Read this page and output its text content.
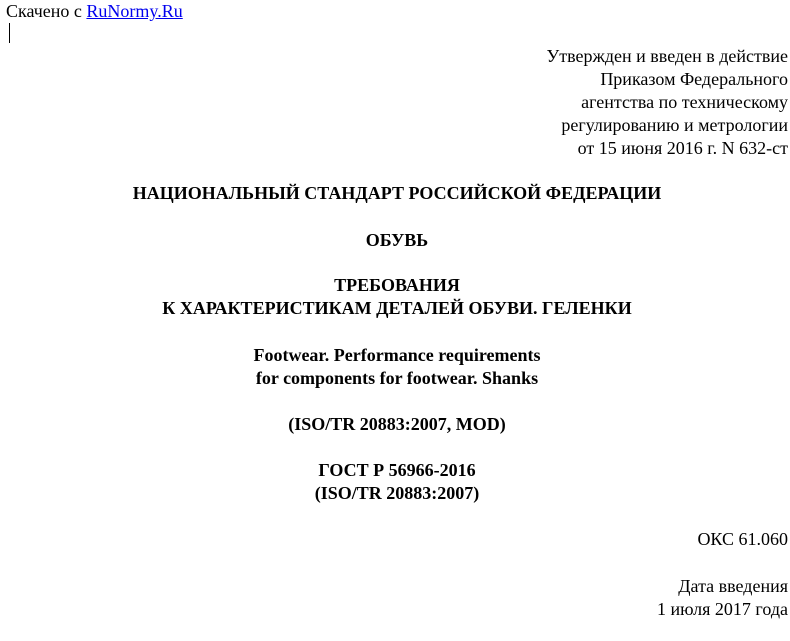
Скачено с RuNormy.Ru
Утвержден и введен в действие
Приказом Федерального
агентства по техническому
регулированию и метрологии
от 15 июня 2016 г. N 632-ст
НАЦИОНАЛЬНЫЙ СТАНДАРТ РОССИЙСКОЙ ФЕДЕРАЦИИ
ОБУВЬ
ТРЕБОВАНИЯ
К ХАРАКТЕРИСТИКАМ ДЕТАЛЕЙ ОБУВИ. ГЕЛЕНКИ
Footwear. Performance requirements
for components for footwear. Shanks
(ISO/TR 20883:2007, MOD)
ГОСТ Р 56966-2016
(ISO/TR 20883:2007)
ОКС 61.060
Дата введения
1 июля 2017 года
